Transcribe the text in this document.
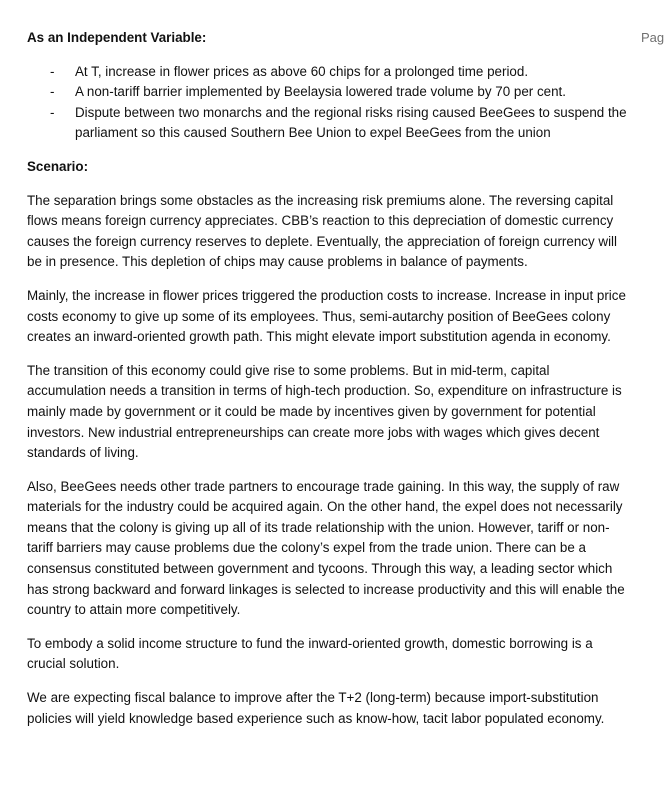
Pag
As an Independent Variable:
- At T, increase in flower prices as above 60 chips for a prolonged time period.
- A non-tariff barrier implemented by Beelaysia lowered trade volume by 70 per cent.
- Dispute between two monarchs and the regional risks rising caused BeeGees to suspend the parliament so this caused Southern Bee Union to expel BeeGees from the union
Scenario:

The separation brings some obstacles as the increasing risk premiums alone. The reversing capital flows means foreign currency appreciates. CBB’s reaction to this depreciation of domestic currency causes the foreign currency reserves to deplete. Eventually, the appreciation of foreign currency will be in presence. This depletion of chips may cause problems in balance of payments.

Mainly, the increase in flower prices triggered the production costs to increase. Increase in input price costs economy to give up some of its employees. Thus, semi-autarchy position of BeeGees colony creates an inward-oriented growth path. This might elevate import substitution agenda in economy.

The transition of this economy could give rise to some problems. But in mid-term, capital accumulation needs a transition in terms of high-tech production. So, expenditure on infrastructure is mainly made by government or it could be made by incentives given by government for potential investors. New industrial entrepreneurships can create more jobs with wages which gives decent standards of living.

Also, BeeGees needs other trade partners to encourage trade gaining. In this way, the supply of raw materials for the industry could be acquired again. On the other hand, the expel does not necessarily means that the colony is giving up all of its trade relationship with the union. However, tariff or non-tariff barriers may cause problems due the colony’s expel from the trade union. There can be a consensus constituted between government and tycoons. Through this way, a leading sector which has strong backward and forward linkages is selected to increase productivity and this will enable the country to attain more competitively.

To embody a solid income structure to fund the inward-oriented growth, domestic borrowing is a crucial solution.

We are expecting fiscal balance to improve after the T+2 (long-term) because import-substitution policies will yield knowledge based experience such as know-how, tacit labor populated economy.
